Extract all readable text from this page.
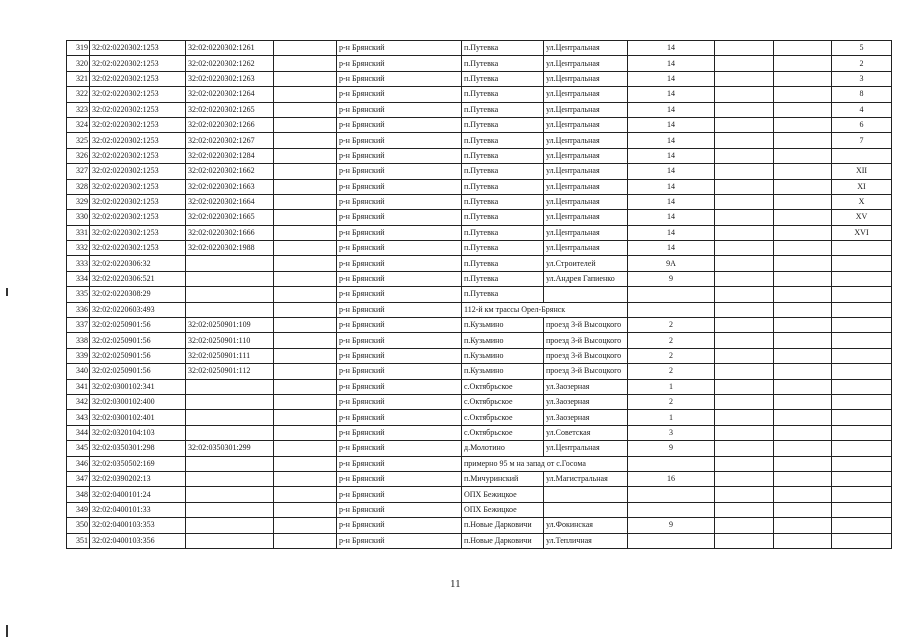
319	32:02:0220302:1253	32:02:0220302:1261		р-н Брянский	п.Путевка	ул.Центральная	14			5
320	32:02:0220302:1253	32:02:0220302:1262		р-н Брянский	п.Путевка	ул.Центральная	14			2
321	32:02:0220302:1253	32:02:0220302:1263		р-н Брянский	п.Путевка	ул.Центральная	14			3
322	32:02:0220302:1253	32:02:0220302:1264		р-н Брянский	п.Путевка	ул.Центральная	14			8
323	32:02:0220302:1253	32:02:0220302:1265		р-н Брянский	п.Путевка	ул.Центральная	14			4
324	32:02:0220302:1253	32:02:0220302:1266		р-н Брянский	п.Путевка	ул.Центральная	14			6
325	32:02:0220302:1253	32:02:0220302:1267		р-н Брянский	п.Путевка	ул.Центральная	14			7
326	32:02:0220302:1253	32:02:0220302:1284		р-н Брянский	п.Путевка	ул.Центральная	14			
327	32:02:0220302:1253	32:02:0220302:1662		р-н Брянский	п.Путевка	ул.Центральная	14			XII
328	32:02:0220302:1253	32:02:0220302:1663		р-н Брянский	п.Путевка	ул.Центральная	14			XI
329	32:02:0220302:1253	32:02:0220302:1664		р-н Брянский	п.Путевка	ул.Центральная	14			X
330	32:02:0220302:1253	32:02:0220302:1665		р-н Брянский	п.Путевка	ул.Центральная	14			XV
331	32:02:0220302:1253	32:02:0220302:1666		р-н Брянский	п.Путевка	ул.Центральная	14			XVI
332	32:02:0220302:1253	32:02:0220302:1988		р-н Брянский	п.Путевка	ул.Центральная	14			
333	32:02:0220306:32			р-н Брянский	п.Путевка	ул.Строителей	9А			
334	32:02:0220306:521			р-н Брянский	п.Путевка	ул.Андрея Гапиенко	9			
335	32:02:0220308:29			р-н Брянский	п.Путевка					
336	32:02:0220603:493			р-н Брянский	112-й км трассы Орел-Брянск					
337	32:02:0250901:56	32:02:0250901:109		р-н Брянский	п.Кузьмино	проезд 3-й Высоцкого	2			
338	32:02:0250901:56	32:02:0250901:110		р-н Брянский	п.Кузьмино	проезд 3-й Высоцкого	2			
339	32:02:0250901:56	32:02:0250901:111		р-н Брянский	п.Кузьмино	проезд 3-й Высоцкого	2			
340	32:02:0250901:56	32:02:0250901:112		р-н Брянский	п.Кузьмино	проезд 3-й Высоцкого	2			
341	32:02:0300102:341			р-н Брянский	с.Октябрьское	ул.Заозерная	1			
342	32:02:0300102:400			р-н Брянский	с.Октябрьское	ул.Заозерная	2			
343	32:02:0300102:401			р-н Брянский	с.Октябрьское	ул.Заозерная	1			
344	32:02:0320104:103			р-н Брянский	с.Октябрьское	ул.Советская	3			
345	32:02:0350301:298	32:02:0350301:299		р-н Брянский	д.Молотино	ул.Центральная	9			
346	32:02:0350502:169			р-н Брянский	примерно 95 м на запад от с.Госома					
347	32:02:0390202:13			р-н Брянский	п.Мичуринский	ул.Магистральная	16			
348	32:02:0400101:24			р-н Брянский	ОПХ Бежицкое					
349	32:02:0400101:33			р-н Брянский	ОПХ Бежицкое					
350	32:02:0400103:353			р-н Брянский	п.Новые Дарковичи	ул.Фокинская	9			
351	32:02:0400103:356			р-н Брянский	п.Новые Дарковичи	ул.Тепличная				
11
